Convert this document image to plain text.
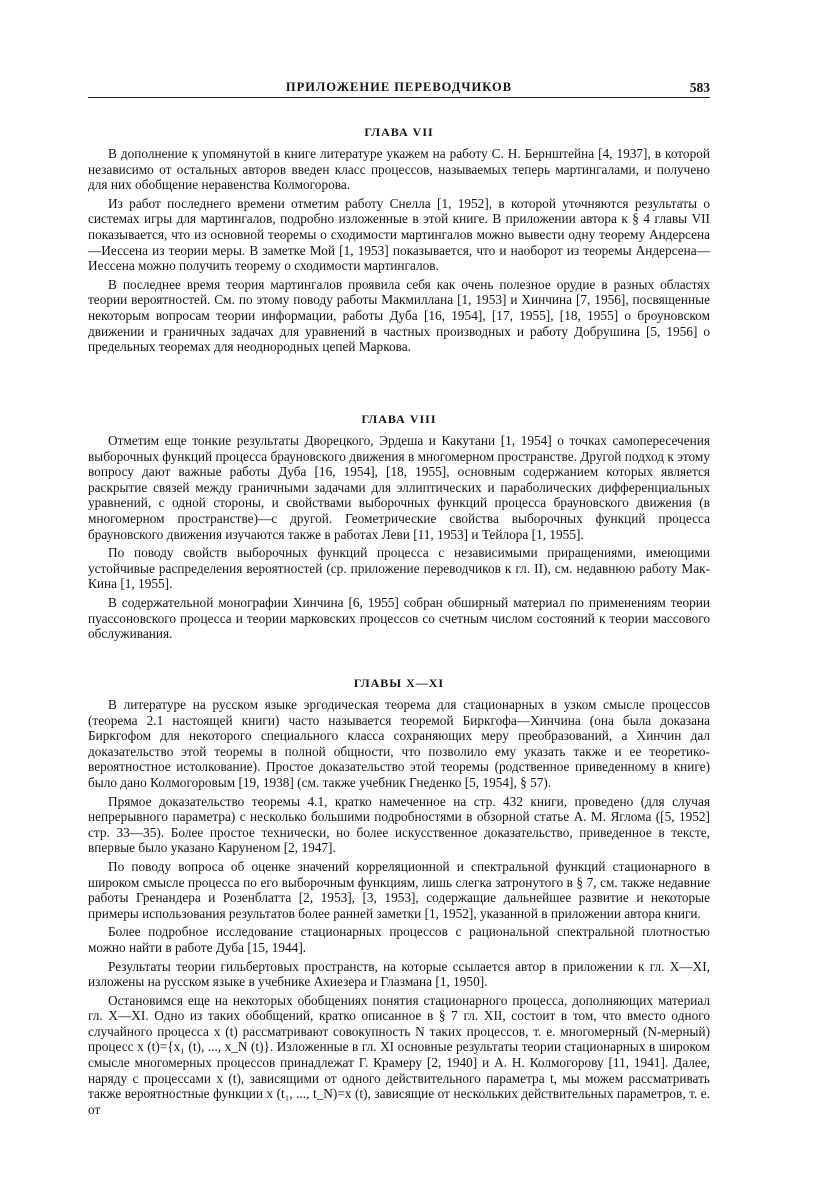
ПРИЛОЖЕНИЕ ПЕРЕВОДЧИКОВ	583
ГЛАВА VII

В дополнение к упомянутой в книге литературе укажем на работу С. Н. Бернштейна [4, 1937], в которой независимо от остальных авторов введен класс процессов, называемых теперь мартингалами, и получено для них обобщение неравенства Колмогорова.

Из работ последнего времени отметим работу Снелла [1, 1952], в которой уточняются результаты о системах игры для мартингалов, подробно изложенные в этой книге. В приложении автора к § 4 главы VII показывается, что из основной теоремы о сходимости мартингалов можно вывести одну теорему Андерсена—Иессена из теории меры. В заметке Мой [1, 1953] показывается, что и наоборот из теоремы Андерсена—Иессена можно получить теорему о сходимости мартингалов.

В последнее время теория мартингалов проявила себя как очень полезное орудие в разных областях теории вероятностей. См. по этому поводу работы Макмиллана [1, 1953] и Хинчина [7, 1956], посвященные некоторым вопросам теории информации, работы Дуба [16, 1954], [17, 1955], [18, 1955] о броуновском движении и граничных задачах для уравнений в частных производных и работу Добрушина [5, 1956] о предельных теоремах для неоднородных цепей Маркова.

ГЛАВА VIII

Отметим еще тонкие результаты Дворецкого, Эрдеша и Какутани [1, 1954] о точках самопересечения выборочных функций процесса брауновского движения в многомерном пространстве. Другой подход к этому вопросу дают важные работы Дуба [16, 1954], [18, 1955], основным содержанием которых является раскрытие связей между граничными задачами для эллиптических и параболических дифференциальных уравнений, с одной стороны, и свойствами выборочных функций процесса брауновского движения (в многомерном пространстве)—с другой. Геометрические свойства выборочных функций процесса брауновского движения изучаются также в работах Леви [11, 1953] и Тейлора [1, 1955].

По поводу свойств выборочных функций процесса с независимыми приращениями, имеющими устойчивые распределения вероятностей (ср. приложение переводчиков к гл. II), см. недавнюю работу Мак-Кина [1, 1955].

В содержательной монографии Хинчина [6, 1955] собран обширный материал по применениям теории пуассоновского процесса и теории марковских процессов со счетным числом состояний к теории массового обслуживания.

ГЛАВЫ X—XI

В литературе на русском языке эргодическая теорема для стационарных в узком смысле процессов (теорема 2.1 настоящей книги) часто называется теоремой Биркгофа—Хинчина (она была доказана Биркгофом для некоторого специального класса сохраняющих меру преобразований, а Хинчин дал доказательство этой теоремы в полной общности, что позволило ему указать также и ее теоретико-вероятностное истолкование). Простое доказательство этой теоремы (родственное приведенному в книге) было дано Колмогоровым [19, 1938] (см. также учебник Гнеденко [5, 1954], § 57).

Прямое доказательство теоремы 4.1, кратко намеченное на стр. 432 книги, проведено (для случая непрерывного параметра) с несколько большими подробностями в обзорной статье А. М. Яглома ([5, 1952] стр. 33—35). Более простое технически, но более искусственное доказательство, приведенное в тексте, впервые было указано Каруненом [2, 1947].

По поводу вопроса об оценке значений корреляционной и спектральной функций стационарного в широком смысле процесса по его выборочным функциям, лишь слегка затронутого в § 7, см. также недавние работы Гренандера и Розенблатта [2, 1953], [3, 1953], содержащие дальнейшее развитие и некоторые примеры использования результатов более ранней заметки [1, 1952], указанной в приложении автора книги.

Более подробное исследование стационарных процессов с рациональной спектральной плотностью можно найти в работе Дуба [15, 1944].

Результаты теории гильбертовых пространств, на которые ссылается автор в приложении к гл. X—XI, изложены на русском языке в учебнике Ахиезера и Глазмана [1, 1950].

Остановимся еще на некоторых обобщениях понятия стационарного процесса, дополняющих материал гл. X—XI. Одно из таких обобщений, кратко описанное в § 7 гл. XII, состоит в том, что вместо одного случайного процесса x (t) рассматривают совокупность N таких процессов, т. е. многомерный (N-мерный) процесс x (t)={x₁ (t), ..., x_N (t)}. Изложенные в гл. XI основные результаты теории стационарных в широком смысле многомерных процессов принадлежат Г. Крамеру [2, 1940] и А. Н. Колмогорову [11, 1941]. Далее, наряду с процессами x (t), зависящими от одного действительного параметра t, мы можем рассматривать также вероятностные функции x (t₁, ..., t_N)=x (t), зависящие от нескольких действительных параметров, т. е. от
